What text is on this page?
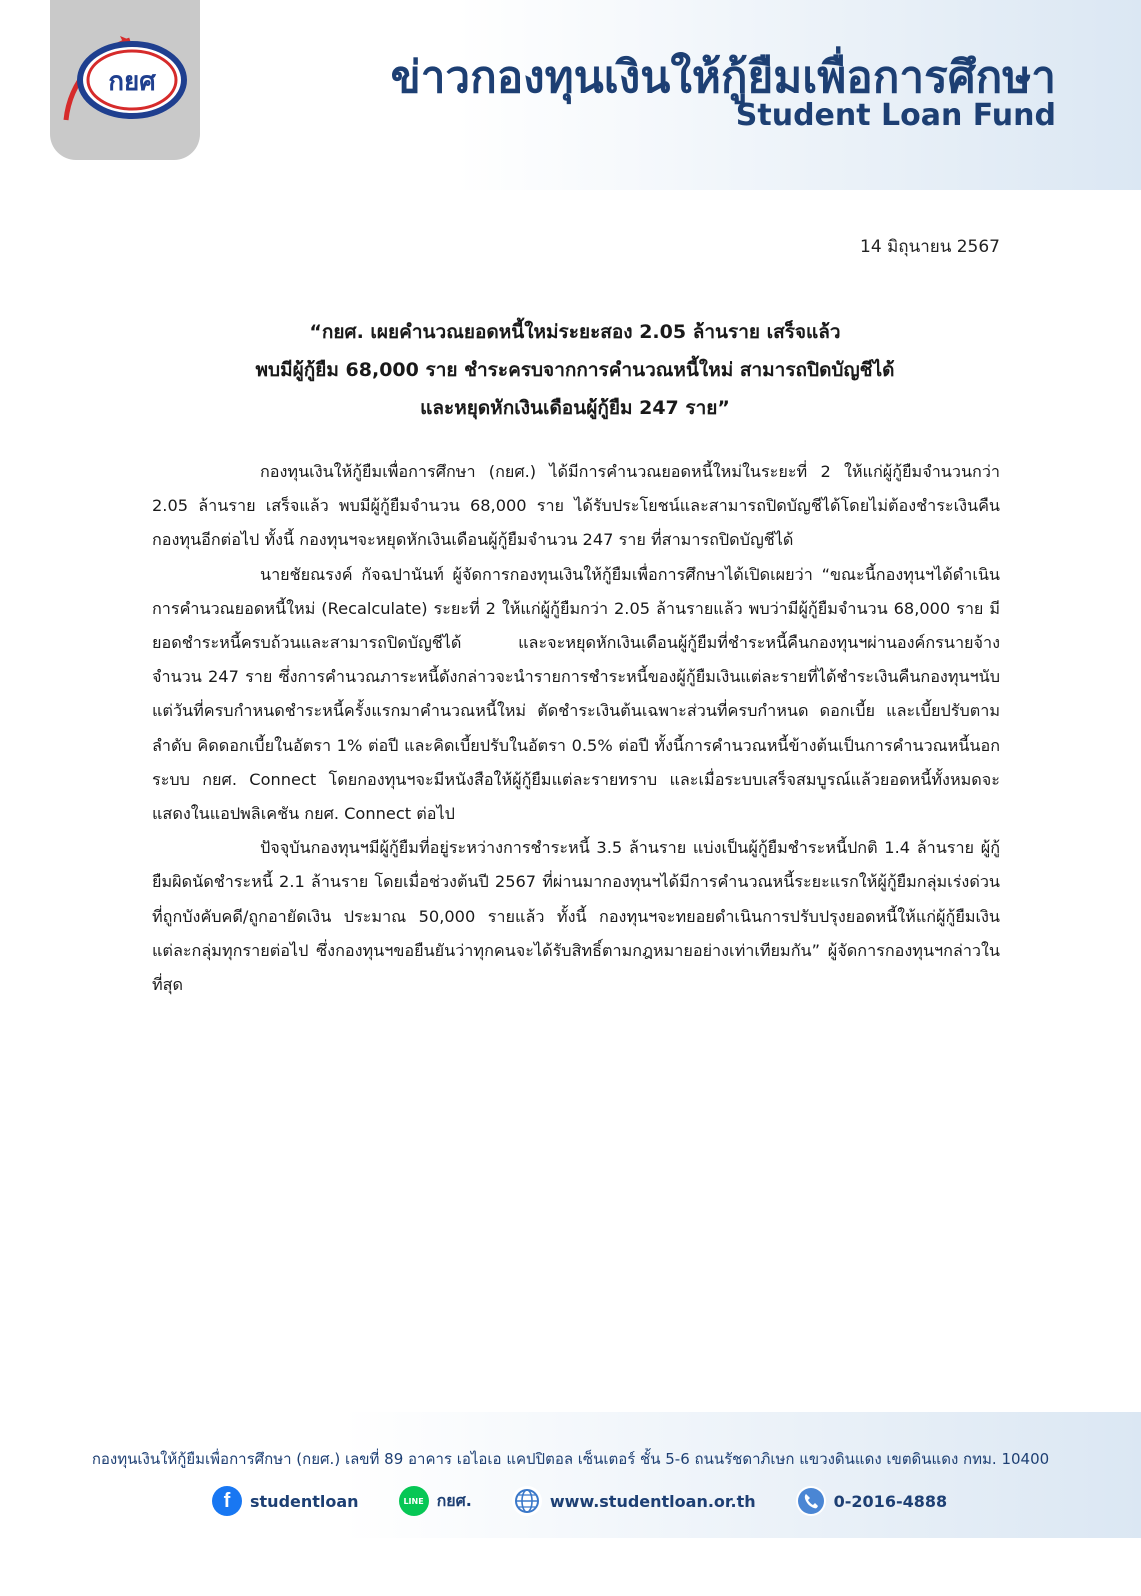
กยศ	ข่าวกองทุนเงินให้กู้ยืมเพื่อการศึกษา
Student Loan Fund
14 มิถุนายน 2567
“กยศ. เผยคำนวณยอดหนี้ใหม่ระยะสอง 2.05 ล้านราย เสร็จแล้ว
พบมีผู้กู้ยืม 68,000 ราย ชำระครบจากการคำนวณหนี้ใหม่ สามารถปิดบัญชีได้
และหยุดหักเงินเดือนผู้กู้ยืม 247 ราย”

กองทุนเงินให้กู้ยืมเพื่อการศึกษา (กยศ.) ได้มีการคำนวณยอดหนี้ใหม่ในระยะที่ 2 ให้แก่ผู้กู้ยืมจำนวนกว่า 2.05 ล้านราย เสร็จแล้ว พบมีผู้กู้ยืมจำนวน 68,000 ราย ได้รับประโยชน์และสามารถปิดบัญชีได้โดยไม่ต้องชำระเงินคืนกองทุนอีกต่อไป ทั้งนี้ กองทุนฯจะหยุดหักเงินเดือนผู้กู้ยืมจำนวน 247 ราย ที่สามารถปิดบัญชีได้

นายชัยณรงค์ กัจฉปานันท์ ผู้จัดการกองทุนเงินให้กู้ยืมเพื่อการศึกษาได้เปิดเผยว่า “ขณะนี้กองทุนฯได้ดำเนินการคำนวณยอดหนี้ใหม่ (Recalculate) ระยะที่ 2 ให้แก่ผู้กู้ยืมกว่า 2.05 ล้านรายแล้ว พบว่ามีผู้กู้ยืมจำนวน 68,000 ราย มียอดชำระหนี้ครบถ้วนและสามารถปิดบัญชีได้ และจะหยุดหักเงินเดือนผู้กู้ยืมที่ชำระหนี้คืนกองทุนฯผ่านองค์กรนายจ้าง จำนวน 247 ราย ซึ่งการคำนวณภาระหนี้ดังกล่าวจะนำรายการชำระหนี้ของผู้กู้ยืมเงินแต่ละรายที่ได้ชำระเงินคืนกองทุนฯนับแต่วันที่ครบกำหนดชำระหนี้ครั้งแรกมาคำนวณหนี้ใหม่ ตัดชำระเงินต้นเฉพาะส่วนที่ครบกำหนด ดอกเบี้ย และเบี้ยปรับตามลำดับ คิดดอกเบี้ยในอัตรา 1% ต่อปี และคิดเบี้ยปรับในอัตรา 0.5% ต่อปี ทั้งนี้การคำนวณหนี้ข้างต้นเป็นการคำนวณหนี้นอกระบบ กยศ. Connect โดยกองทุนฯจะมีหนังสือให้ผู้กู้ยืมแต่ละรายทราบ และเมื่อระบบเสร็จสมบูรณ์แล้วยอดหนี้ทั้งหมดจะแสดงในแอปพลิเคชัน กยศ. Connect ต่อไป

ปัจจุบันกองทุนฯมีผู้กู้ยืมที่อยู่ระหว่างการชำระหนี้ 3.5 ล้านราย แบ่งเป็นผู้กู้ยืมชำระหนี้ปกติ 1.4 ล้านราย ผู้กู้ยืมผิดนัดชำระหนี้ 2.1 ล้านราย โดยเมื่อช่วงต้นปี 2567 ที่ผ่านมากองทุนฯได้มีการคำนวณหนี้ระยะแรกให้ผู้กู้ยืมกลุ่มเร่งด่วนที่ถูกบังคับคดี/ถูกอายัดเงิน ประมาณ 50,000 รายแล้ว ทั้งนี้ กองทุนฯจะทยอยดำเนินการปรับปรุงยอดหนี้ให้แก่ผู้กู้ยืมเงินแต่ละกลุ่มทุกรายต่อไป ซึ่งกองทุนฯขอยืนยันว่าทุกคนจะได้รับสิทธิ์ตามกฎหมายอย่างเท่าเทียมกัน” ผู้จัดการกองทุนฯกล่าวในที่สุด

กองทุนเงินให้กู้ยืมเพื่อการศึกษา (กยศ.) เลขที่ 89 อาคาร เอไอเอ แคปปิตอล เซ็นเตอร์ ชั้น 5-6 ถนนรัชดาภิเษก แขวงดินแดง เขตดินแดง กทม. 10400
f	studentloan	LINE กยศ.	www.studentloan.or.th	0-2016-4888
